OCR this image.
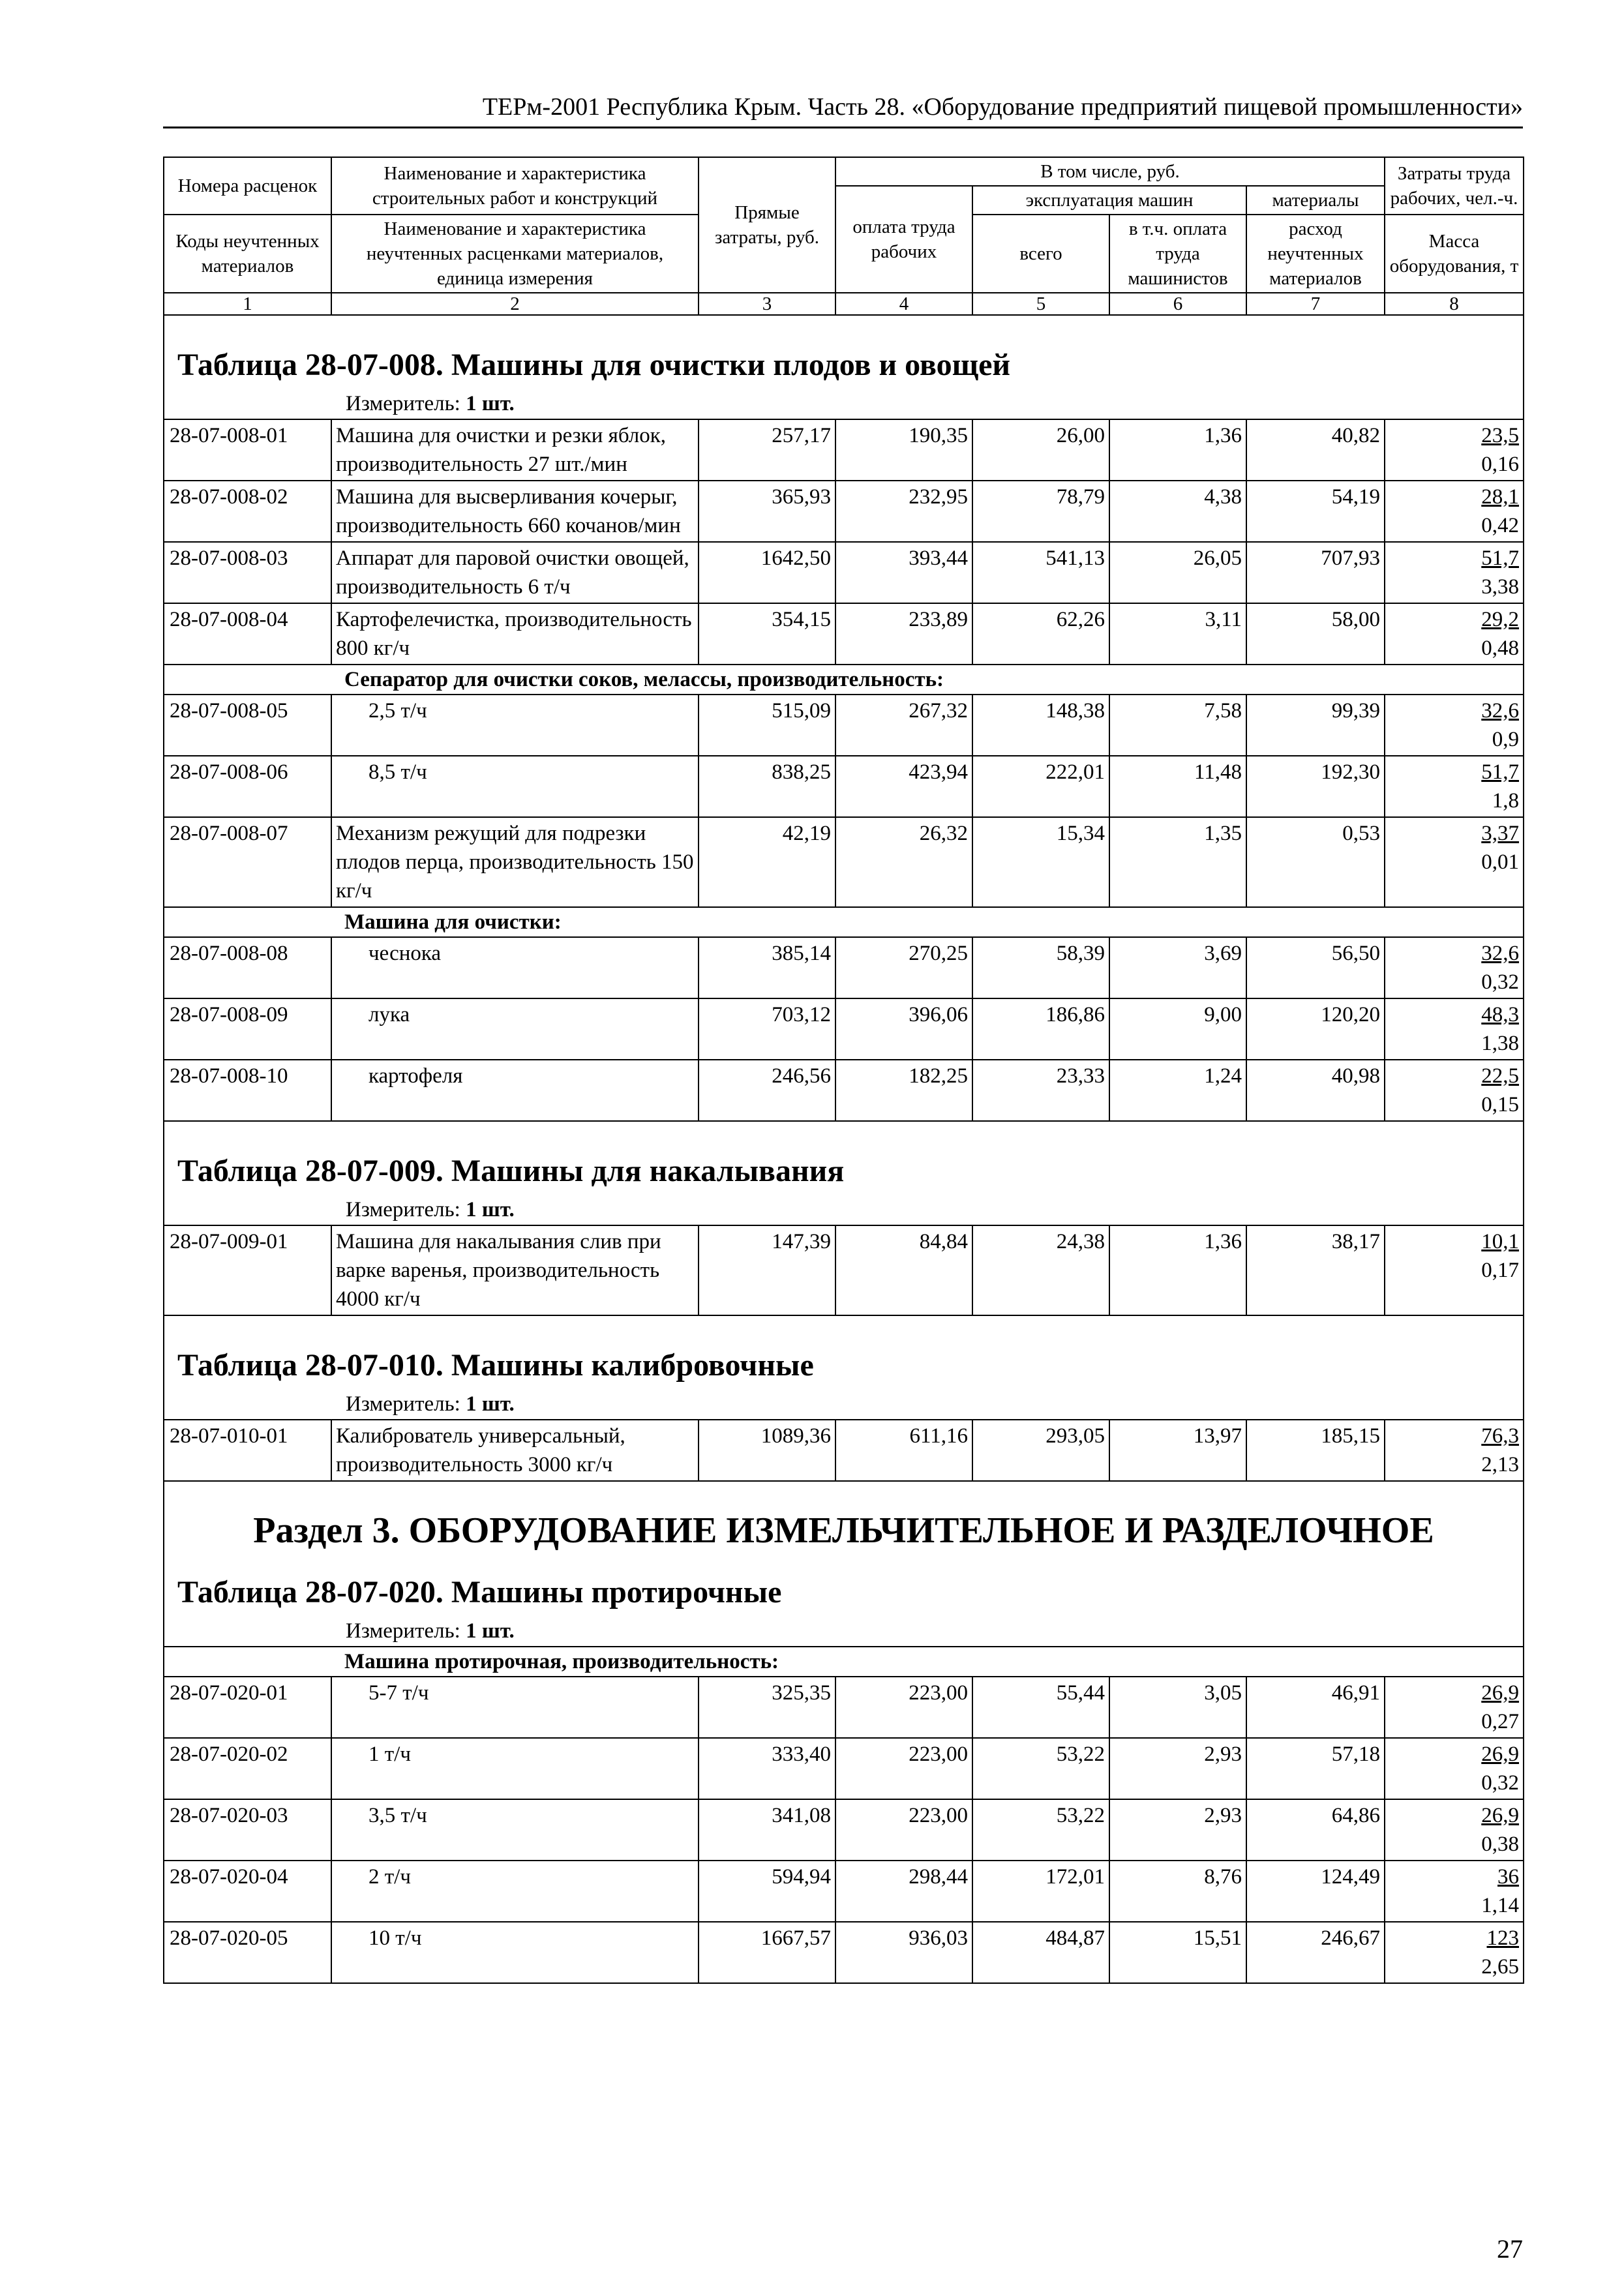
ТЕРм-2001 Республика Крым. Часть 28. «Оборудование предприятий пищевой промышленности»
Номера расценок	Наименование и характеристика строительных работ и конструкций	Прямые затраты, руб.	В том числе, руб.				Затраты труда рабочих, чел.-ч.
			оплата труда рабочих	эксплуатация машин		материалы	
Коды неучтенных материалов	Наименование и характеристика неучтенных расценками материалов, единица измерения			всего	в т.ч. оплата труда машинистов	расход неучтенных материалов	
							Масса оборудования, т
1	2	3	4	5	6	7	8

Таблица 28-07-008. Машины для очистки плодов и овощей
Измеритель: 1 шт.							

28-07-008-01	Машина для очистки и резки яблок, производительность 27 шт./мин	257,17	190,35	26,00	1,36	40,82	23,5
0,16

28-07-008-02	Машина для высверливания кочерыг, производительность 660 кочанов/мин	365,93	232,95	78,79	4,38	54,19	28,1
0,42

28-07-008-03	Аппарат для паровой очистки овощей, производительность 6 т/ч	1642,50	393,44	541,13	26,05	707,93	51,7
3,38

28-07-008-04	Картофелечистка, производительность 800 кг/ч	354,15	233,89	62,26	3,11	58,00	29,2
0,48

Сепаратор для очистки соков, мелассы, производительность:							
28-07-008-05	2,5 т/ч	515,09	267,32	148,38	7,58	99,39	32,6
0,9

28-07-008-06	8,5 т/ч	838,25	423,94	222,01	11,48	192,30	51,7
1,8

28-07-008-07	Механизм режущий для подрезки плодов перца, производительность 150 кг/ч	42,19	26,32	15,34	1,35	0,53	3,37
0,01

Машина для очистки:							
28-07-008-08	чеснока	385,14	270,25	58,39	3,69	56,50	32,6
0,32

28-07-008-09	лука	703,12	396,06	186,86	9,00	120,20	48,3
1,38

28-07-008-10	картофеля	246,56	182,25	23,33	1,24	40,98	22,5
0,15

Таблица 28-07-009. Машины для накалывания
Измеритель: 1 шт.							

28-07-009-01	Машина для накалывания слив при варке варенья, производительность 4000 кг/ч	147,39	84,84	24,38	1,36	38,17	10,1
0,17

Таблица 28-07-010. Машины калибровочные
Измеритель: 1 шт.							

28-07-010-01	Калиброватель универсальный, производительность 3000 кг/ч	1089,36	611,16	293,05	13,97	185,15	76,3
2,13

Раздел 3. ОБОРУДОВАНИЕ ИЗМЕЛЬЧИТЕЛЬНОЕ И РАЗДЕЛОЧНОЕ
Таблица 28-07-020. Машины протирочные
Измеритель: 1 шт.							

Машина протирочная, производительность:							
28-07-020-01	5-7 т/ч	325,35	223,00	55,44	3,05	46,91	26,9
0,27

28-07-020-02	1 т/ч	333,40	223,00	53,22	2,93	57,18	26,9
0,32

28-07-020-03	3,5 т/ч	341,08	223,00	53,22	2,93	64,86	26,9
0,38

28-07-020-04	2 т/ч	594,94	298,44	172,01	8,76	124,49	36
1,14

28-07-020-05	10 т/ч	1667,57	936,03	484,87	15,51	246,67	123
2,65
27
